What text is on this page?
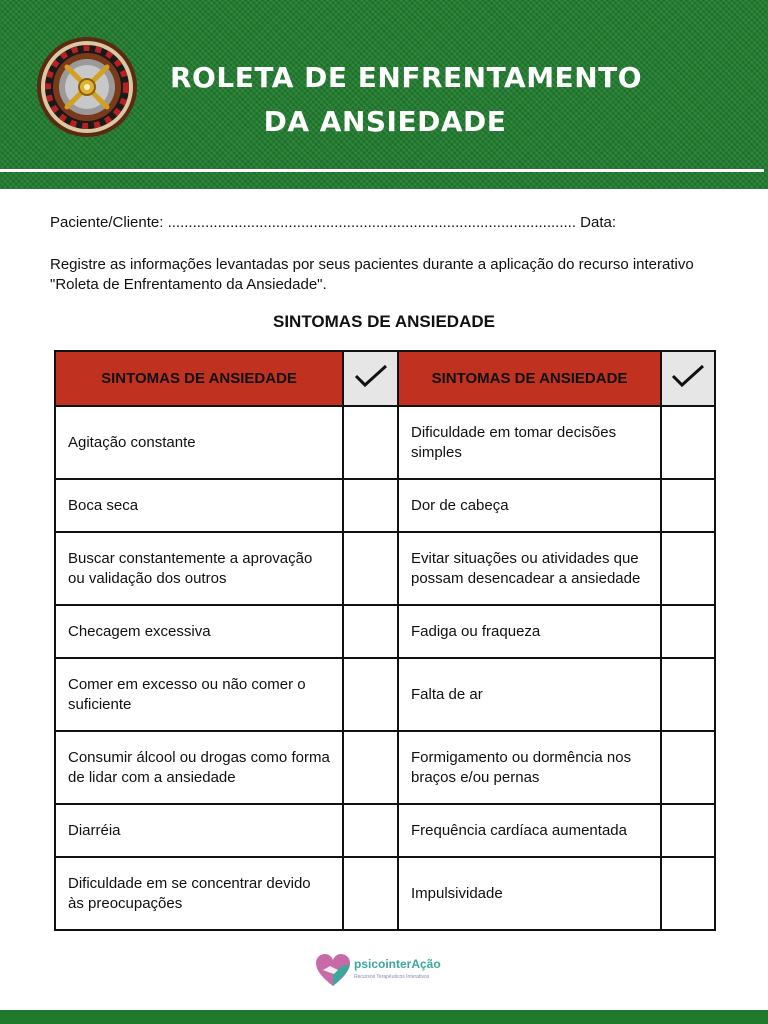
ROLETA DE ENFRENTAMENTO
DA ANSIEDADE
Paciente/Cliente: .................................................................................................. Data:
Registre as informações levantadas por seus pacientes durante a aplicação do recurso interativo "Roleta de Enfrentamento da Ansiedade".
SINTOMAS DE ANSIEDADE
SINTOMAS DE ANSIEDADE		SINTOMAS DE ANSIEDADE	
Agitação constante		Dificuldade em tomar decisões simples	
Boca seca		Dor de cabeça	
Buscar constantemente a aprovação ou validação dos outros		Evitar situações ou atividades que possam desencadear a ansiedade	
Checagem excessiva		Fadiga ou fraqueza	
Comer em excesso ou não comer o suficiente		Falta de ar	
Consumir álcool ou drogas como forma de lidar com a ansiedade		Formigamento ou dormência nos braços e/ou pernas	
Diarréia		Frequência cardíaca aumentada	
Dificuldade em se concentrar devido às preocupações		Impulsividade	
psicointerAção
Recursos Terapêuticos Interativos
